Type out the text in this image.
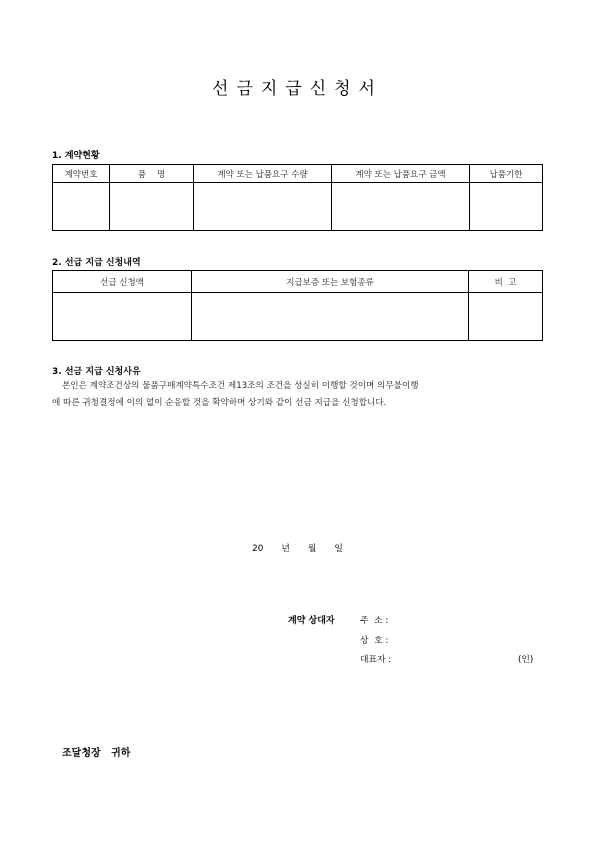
선금지급신청서
1. 계약현황
계약번호	품    명	계약 또는 납품요구 수량	계약 또는 납품요구 금액	납품기한

2. 선급 지급 신청내역
선급 신청액	지급보증 또는 보험종류	비  고

3. 선금 지급 신청사유

본인은 계약조건상의 물품구매계약특수조건 제13조의 조건을 성실히 이행할 것이며 의무불이행

에 따른 귀청결정에 이의 없이 순응할 것을 확약하며 상기와 같이 선금 지급을 신청합니다.

20 년 월 일
계약 상대자	주  소 :
상  호 :
대표자 :	(인)
조달청장   귀하
